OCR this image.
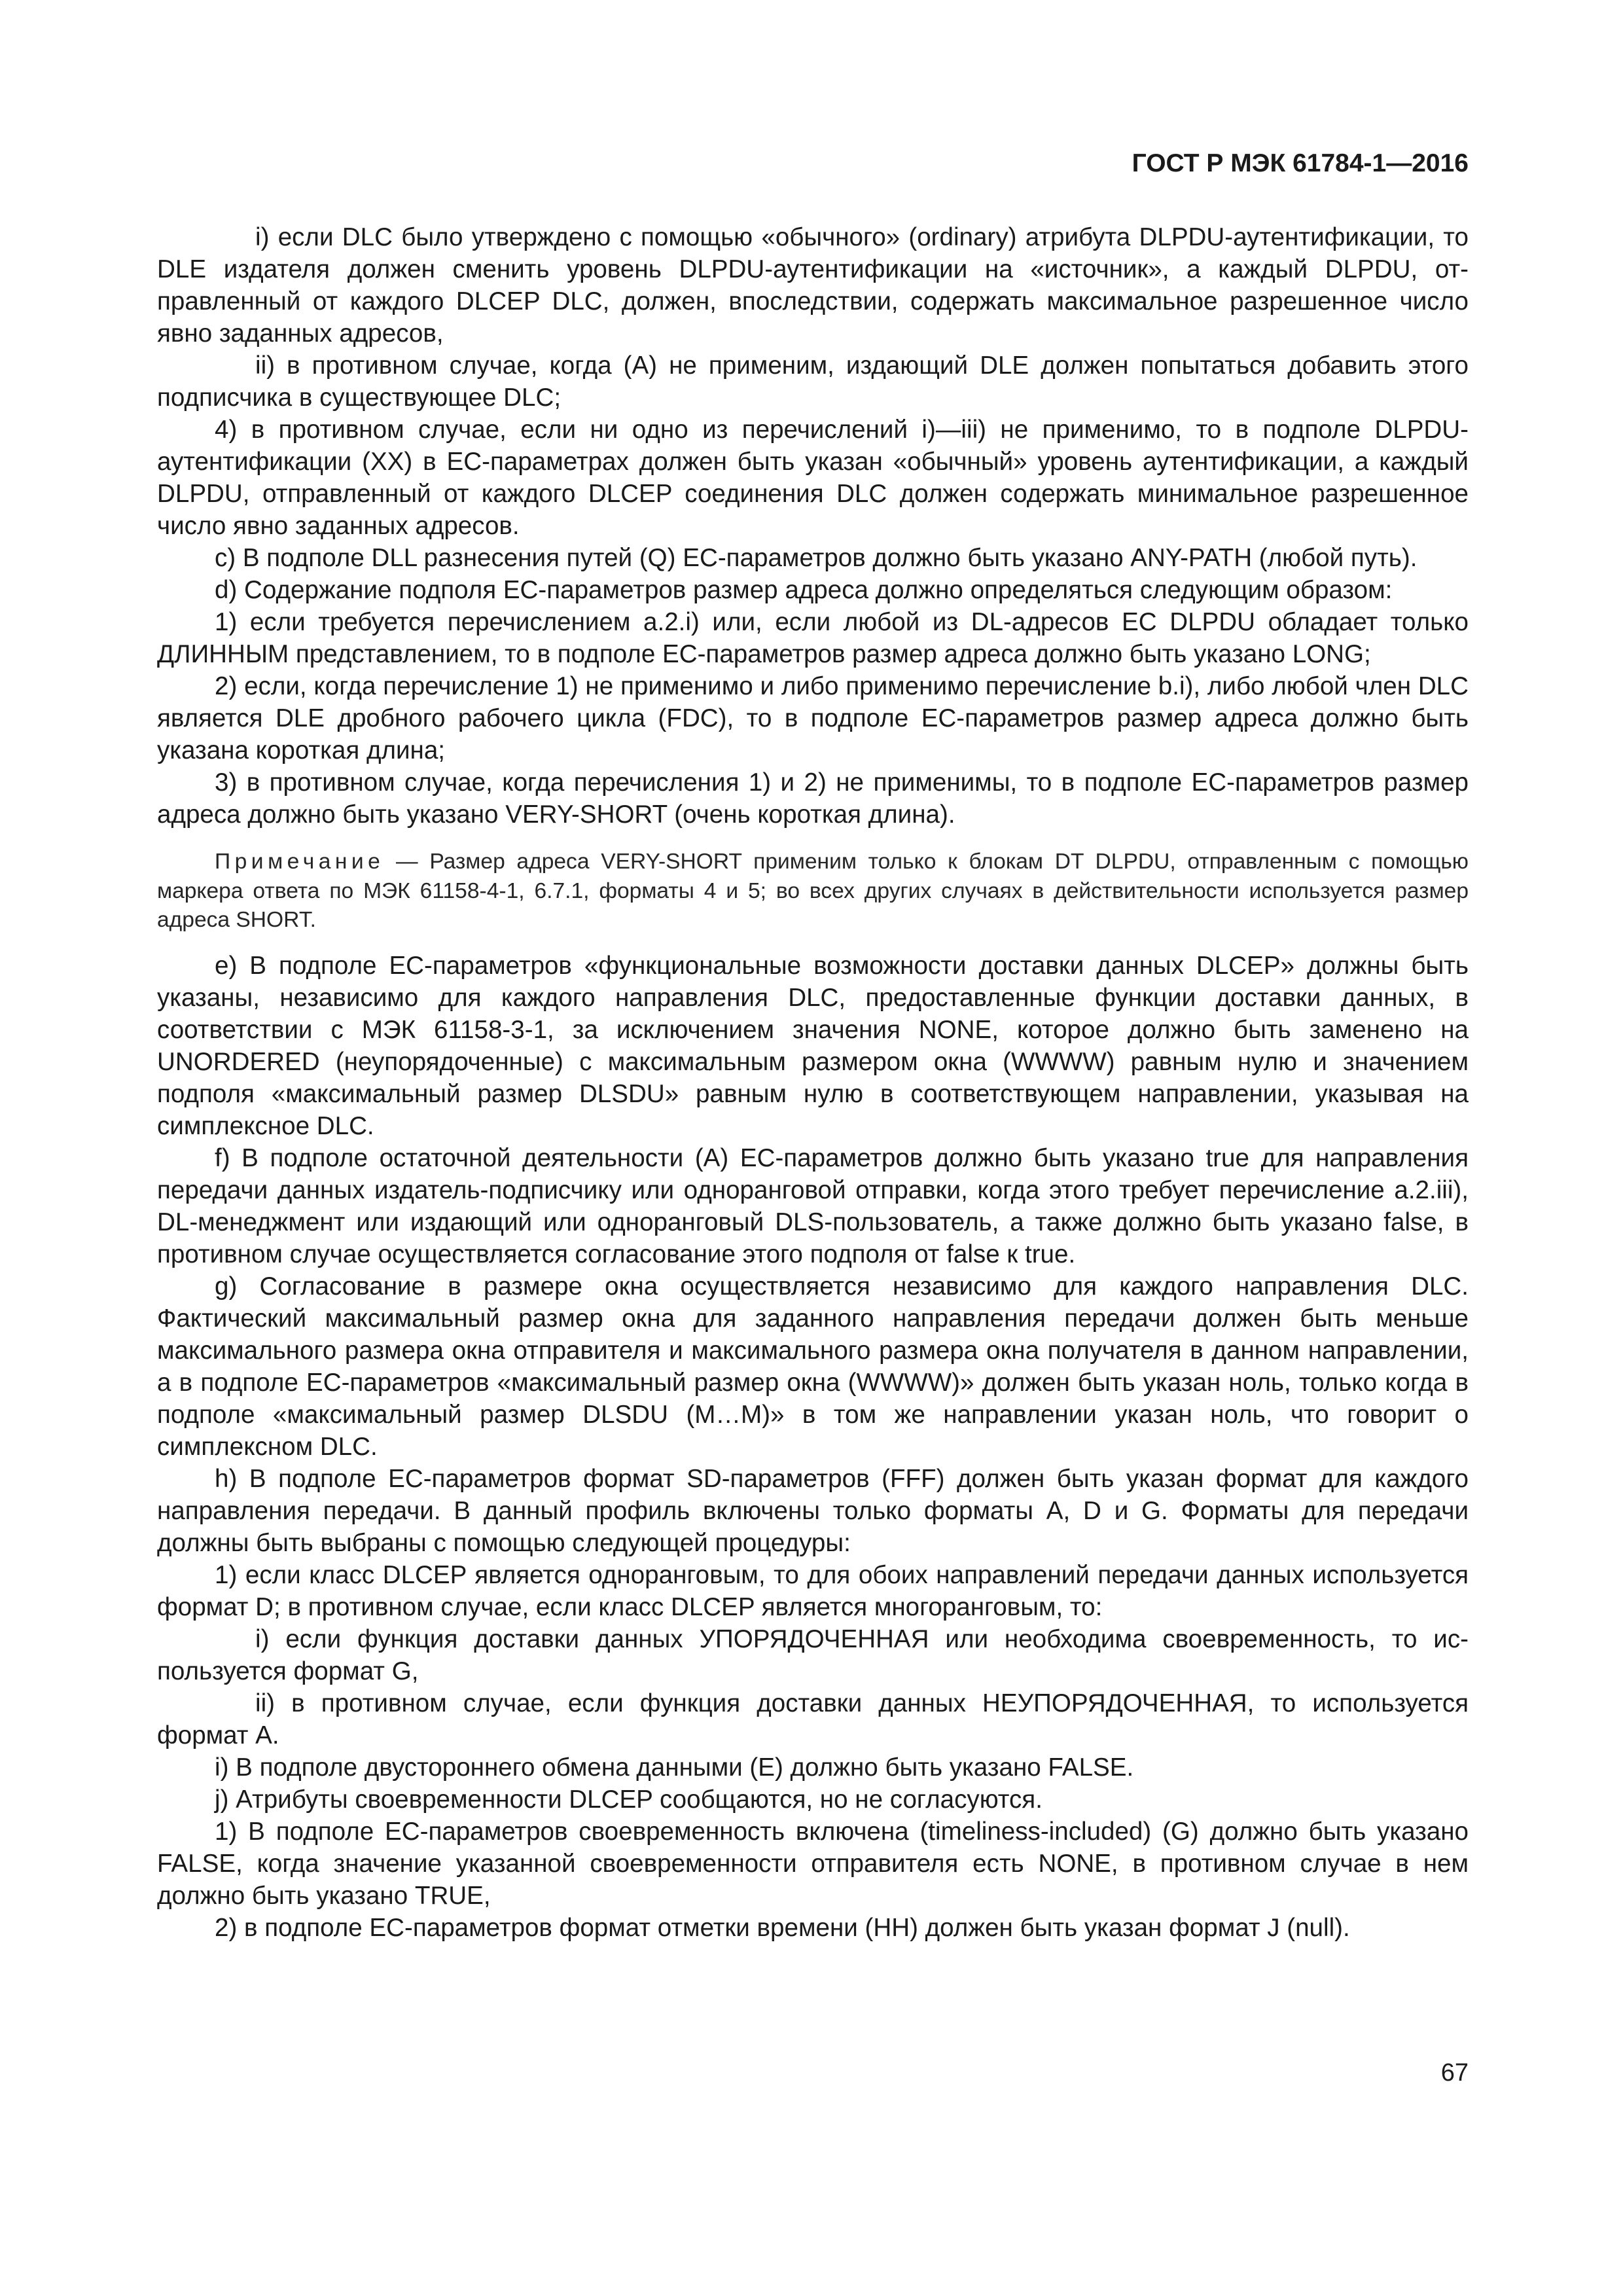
ГОСТ Р МЭК 61784-1—2016

i) если DLC было утверждено с помощью «обычного» (ordinary) атрибута DLPDU-аутентификации, то DLE издателя должен сменить уровень DLPDU-аутентификации на «источник», а каждый DLPDU, отправленный от каждого DLCEP DLC, должен, впоследствии, содержать максимальное разрешенное число явно заданных адресов,

ii) в противном случае, когда (A) не применим, издающий DLE должен попытаться добавить этого подписчика в существующее DLC;

4) в противном случае, если ни одно из перечислений i)—iii) не применимо, то в подполе DLPDU-аутентификации (XX) в EC-параметрах должен быть указан «обычный» уровень аутентификации, а каждый DLPDU, отправленный от каждого DLCEP соединения DLC должен содержать минимальное разрешенное число явно заданных адресов.

c) В подполе DLL разнесения путей (Q) EC-параметров должно быть указано ANY-PATH (любой путь).

d) Содержание подполя EC-параметров размер адреса должно определяться следующим образом:

1) если требуется перечислением a.2.i) или, если любой из DL-адресов EC DLPDU обладает только ДЛИННЫМ представлением, то в подполе EC-параметров размер адреса должно быть указано LONG;

2) если, когда перечисление 1) не применимо и либо применимо перечисление b.i), либо любой член DLC является DLE дробного рабочего цикла (FDC), то в подполе EC-параметров размер адреса должно быть указана короткая длина;

3) в противном случае, когда перечисления 1) и 2) не применимы, то в подполе EC-параметров размер адреса должно быть указано VERY-SHORT (очень короткая длина).

Примечание — Размер адреса VERY-SHORT применим только к блокам DT DLPDU, отправленным с помощью маркера ответа по МЭК 61158-4-1, 6.7.1, форматы 4 и 5; во всех других случаях в действительности используется размер адреса SHORT.

e) В подполе EC-параметров «функциональные возможности доставки данных DLCEP» должны быть указаны, независимо для каждого направления DLC, предоставленные функции доставки данных, в соответствии с МЭК 61158-3-1, за исключением значения NONE, которое должно быть заменено на UNORDERED (неупорядоченные) с максимальным размером окна (WWWW) равным нулю и значением подполя «максимальный размер DLSDU» равным нулю в соответствующем направлении, указывая на симплексное DLC.

f) В подполе остаточной деятельности (A) EC-параметров должно быть указано true для направления передачи данных издатель-подписчику или одноранговой отправки, когда этого требует перечисление a.2.iii), DL-менеджмент или издающий или одноранговый DLS-пользователь, а также должно быть указано false, в противном случае осуществляется согласование этого подполя от false к true.

g) Согласование в размере окна осуществляется независимо для каждого направления DLC. Фактический максимальный размер окна для заданного направления передачи должен быть меньше максимального размера окна отправителя и максимального размера окна получателя в данном направлении, а в подполе EC-параметров «максимальный размер окна (WWWW)» должен быть указан ноль, только когда в подполе «максимальный размер DLSDU (M…M)» в том же направлении указан ноль, что говорит о симплексном DLC.

h) В подполе EC-параметров формат SD-параметров (FFF) должен быть указан формат для каждого направления передачи. В данный профиль включены только форматы A, D и G. Форматы для передачи должны быть выбраны с помощью следующей процедуры:

1) если класс DLCEP является одноранговым, то для обоих направлений передачи данных используется формат D; в противном случае, если класс DLCEP является многоранговым, то:

i) если функция доставки данных УПОРЯДОЧЕННАЯ или необходима своевременность, то используется формат G,

ii) в противном случае, если функция доставки данных НЕУПОРЯДОЧЕННАЯ, то используется формат A.

i) В подполе двустороннего обмена данными (E) должно быть указано FALSE.

j) Атрибуты своевременности DLCEP сообщаются, но не согласуются.

1) В подполе EC-параметров своевременность включена (timeliness-included) (G) должно быть указано FALSE, когда значение указанной своевременности отправителя есть NONE, в противном случае в нем должно быть указано TRUE,

2) в подполе EC-параметров формат отметки времени (HH) должен быть указан формат J (null).

67
